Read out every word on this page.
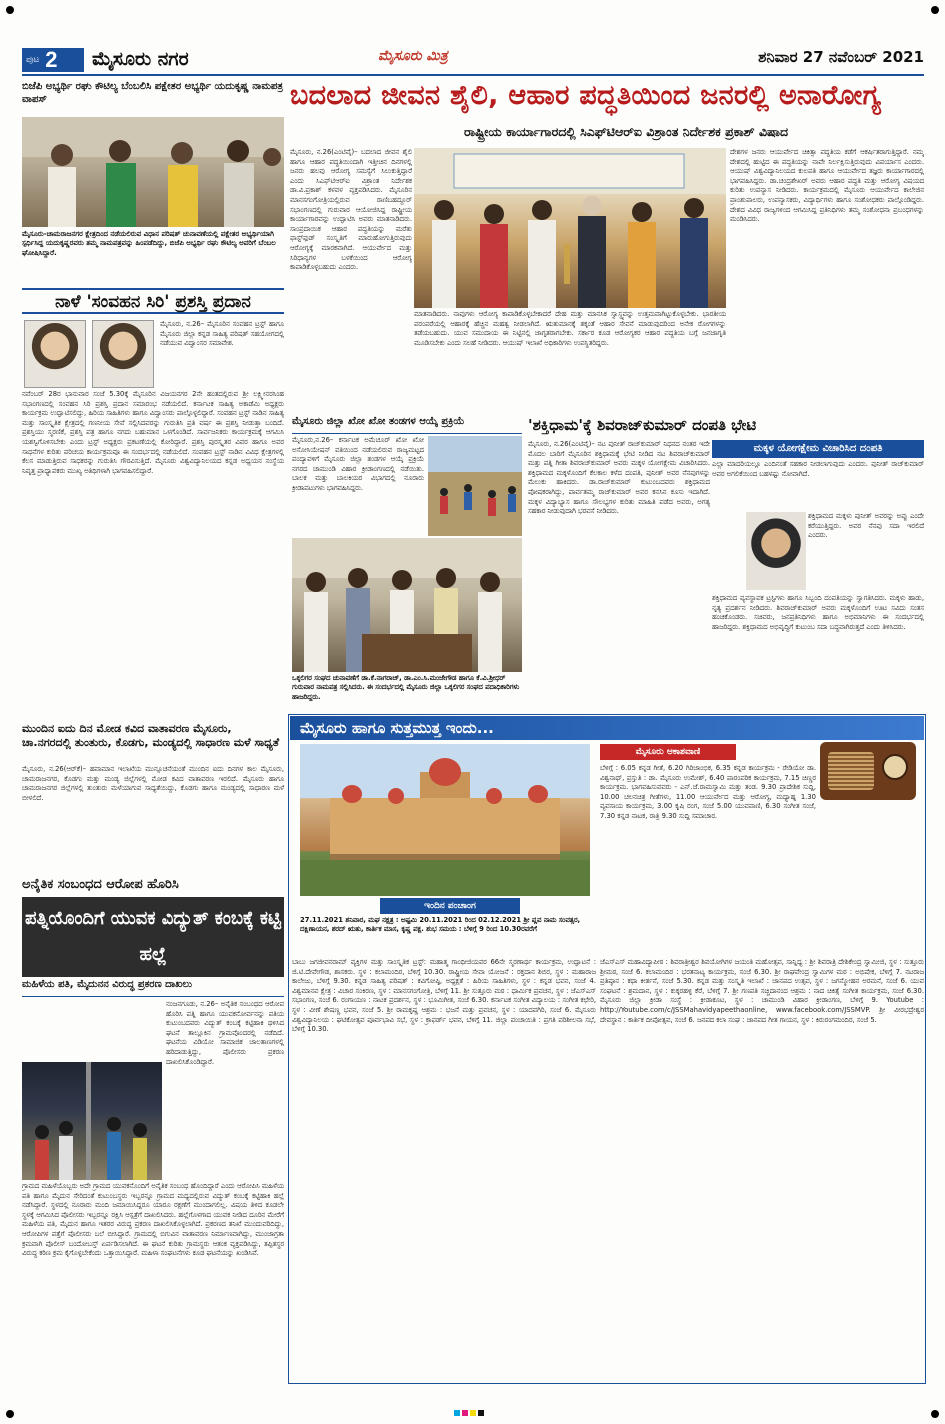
ಪುಟ 2 ಮೈಸೂರು ನಗರ	ಮೈಸೂರು ಮಿತ್ರ	ಶನಿವಾರ 27 ನವೆಂಬರ್ 2021
ಬಿಜೆಪಿ ಅಭ್ಯರ್ಥಿ ರಘು ಕೌಟಿಲ್ಯ ಬೆಂಬಲಿಸಿ ಪಕ್ಷೇತರ ಅಭ್ಯರ್ಥಿ ಯದುಕೃಷ್ಣ ನಾಮಪತ್ರ ವಾಪಸ್
ಮೈಸೂರು-ಚಾಮರಾಜನಗರ ಕ್ಷೇತ್ರದಿಂದ ನಡೆಯಲಿರುವ ವಿಧಾನ ಪರಿಷತ್ ಚುನಾವಣೆಯಲ್ಲಿ ಪಕ್ಷೇತರ ಅಭ್ಯರ್ಥಿಯಾಗಿ ಸ್ಪರ್ಧಿಸಿದ್ದ ಯದುಕೃಷ್ಣರವರು ತಮ್ಮ ನಾಮಪತ್ರವನ್ನು ಹಿಂಪಡೆದಿದ್ದು, ಬಿಜೆಪಿ ಅಭ್ಯರ್ಥಿ ರಘು ಕೌಟಿಲ್ಯ ಅವರಿಗೆ ಬೆಂಬಲ ಘೋಷಿಸಿದ್ದಾರೆ.
ನಾಳೆ 'ಸಂವಹನ ಸಿರಿ' ಪ್ರಶಸ್ತಿ ಪ್ರದಾನ
ಮೈಸೂರು, ನ.26– ಮೈಸೂರಿನ ಸಂವಹನ ಟ್ರಸ್ಟ್ ಹಾಗೂ ಮೈಸೂರು ಜಿಲ್ಲಾ ಕನ್ನಡ ಸಾಹಿತ್ಯ ಪರಿಷತ್ ಸಹಯೋಗದಲ್ಲಿ ನಡೆಯುವ ವಿದ್ವಾಂಸರ ಸಮಾವೇಶ.
ನವೆಂಬರ್ 28ರ ಭಾನುವಾರ ಸಂಜೆ 5.30ಕ್ಕೆ ಮೈಸೂರಿನ ವಿಜಯನಗರ 2ನೇ ಹಂತದಲ್ಲಿರುವ ಶ್ರೀ ಲಕ್ಷ್ಮೀನರಸಿಂಹ ಸಭಾಂಗಣದಲ್ಲಿ ಸಂವಹನ ಸಿರಿ ಪ್ರಶಸ್ತಿ ಪ್ರದಾನ ಸಮಾರಂಭ ನಡೆಯಲಿದೆ. ಕರ್ನಾಟಕ ಸಾಹಿತ್ಯ ಅಕಾಡೆಮಿ ಅಧ್ಯಕ್ಷರು ಕಾರ್ಯಕ್ರಮ ಉದ್ಘಾಟಿಸಲಿದ್ದು, ಹಿರಿಯ ಸಾಹಿತಿಗಳು ಹಾಗೂ ವಿದ್ವಾಂಸರು ಪಾಲ್ಗೊಳ್ಳಲಿದ್ದಾರೆ. ಸಂವಹನ ಟ್ರಸ್ಟ್ ನಾಡಿನ ಸಾಹಿತ್ಯ ಮತ್ತು ಸಾಂಸ್ಕೃತಿಕ ಕ್ಷೇತ್ರದಲ್ಲಿ ಗಣನೀಯ ಸೇವೆ ಸಲ್ಲಿಸಿದವರನ್ನು ಗುರುತಿಸಿ ಪ್ರತಿ ವರ್ಷ ಈ ಪ್ರಶಸ್ತಿ ನೀಡುತ್ತಾ ಬಂದಿದೆ. ಪ್ರಶಸ್ತಿಯು ಸ್ಮರಣಿಕೆ, ಪ್ರಶಸ್ತಿ ಪತ್ರ ಹಾಗೂ ನಗದು ಬಹುಮಾನ ಒಳಗೊಂಡಿದೆ. ಸಾರ್ವಜನಿಕರು ಕಾರ್ಯಕ್ರಮಕ್ಕೆ ಆಗಮಿಸಿ ಯಶಸ್ವಿಗೊಳಿಸಬೇಕು ಎಂದು ಟ್ರಸ್ಟ್ ಅಧ್ಯಕ್ಷರು ಪ್ರಕಟಣೆಯಲ್ಲಿ ಕೋರಿದ್ದಾರೆ. ಪ್ರಶಸ್ತಿ ಪುರಸ್ಕೃತರ ವಿವರ ಹಾಗೂ ಅವರ ಸಾಧನೆಗಳ ಕುರಿತು ಪರಿಚಯ ಕಾರ್ಯಕ್ರಮವೂ ಈ ಸಂದರ್ಭದಲ್ಲಿ ನಡೆಯಲಿದೆ. ಸಂವಹನ ಟ್ರಸ್ಟ್ ನಾಡಿನ ವಿವಿಧ ಕ್ಷೇತ್ರಗಳಲ್ಲಿ ಕೆಲಸ ಮಾಡುತ್ತಿರುವ ಸಾಧಕರನ್ನು ಗುರುತಿಸಿ ಗೌರವಿಸುತ್ತಿದೆ. ಮೈಸೂರು ವಿಶ್ವವಿದ್ಯಾನಿಲಯದ ಕನ್ನಡ ಅಧ್ಯಯನ ಸಂಸ್ಥೆಯ ನಿವೃತ್ತ ಪ್ರಾಧ್ಯಾಪಕರು ಮುಖ್ಯ ಅತಿಥಿಗಳಾಗಿ ಭಾಗವಹಿಸಲಿದ್ದಾರೆ.
ಮುಂದಿನ ಐದು ದಿನ ಮೋಡ ಕವಿದ ವಾತಾವರಣ ಮೈಸೂರು, ಚಾ.ನಗರದಲ್ಲಿ ತುಂತುರು, ಕೊಡಗು, ಮಂಡ್ಯದಲ್ಲಿ ಸಾಧಾರಣ ಮಳೆ ಸಾಧ್ಯತೆ
ಮೈಸೂರು, ನ.26(ಆರ್‌ಕೆ)– ಹವಾಮಾನ ಇಲಾಖೆಯ ಮುನ್ಸೂಚನೆಯಂತೆ ಮುಂದಿನ ಐದು ದಿನಗಳ ಕಾಲ ಮೈಸೂರು, ಚಾಮರಾಜನಗರ, ಕೊಡಗು ಮತ್ತು ಮಂಡ್ಯ ಜಿಲ್ಲೆಗಳಲ್ಲಿ ಮೋಡ ಕವಿದ ವಾತಾವರಣ ಇರಲಿದೆ. ಮೈಸೂರು ಹಾಗೂ ಚಾಮರಾಜನಗರ ಜಿಲ್ಲೆಗಳಲ್ಲಿ ತುಂತುರು ಮಳೆಯಾಗುವ ಸಾಧ್ಯತೆಯಿದ್ದು, ಕೊಡಗು ಹಾಗೂ ಮಂಡ್ಯದಲ್ಲಿ ಸಾಧಾರಣ ಮಳೆ ಬೀಳಲಿದೆ.
ಅನೈತಿಕ ಸಂಬಂಧದ ಆರೋಪ ಹೊರಿಸಿ
ಪತ್ನಿಯೊಂದಿಗೆ ಯುವಕ ವಿದ್ಯುತ್ ಕಂಬಕ್ಕೆ ಕಟ್ಟಿ ಹಲ್ಲೆ
ಮಹಿಳೆಯ ಪತಿ, ಮೈದುನನ ವಿರುದ್ಧ ಪ್ರಕರಣ ದಾಖಲು
ನಂಜನಗೂಡು, ನ.26– ಅನೈತಿಕ ಸಂಬಂಧದ ಆರೋಪ ಹೊರಿಸಿ ಪತ್ನಿ ಹಾಗೂ ಯುವಕನೋರ್ವನನ್ನು ಪತಿಯ ಕುಟುಂಬದವರು ವಿದ್ಯುತ್ ಕಂಬಕ್ಕೆ ಕಟ್ಟಿಹಾಕಿ ಥಳಿಸಿದ ಘಟನೆ ತಾಲ್ಲೂಕಿನ ಗ್ರಾಮವೊಂದರಲ್ಲಿ ನಡೆದಿದೆ. ಘಟನೆಯ ವಿಡಿಯೋ ಸಾಮಾಜಿಕ ಜಾಲತಾಣಗಳಲ್ಲಿ ಹರಿದಾಡುತ್ತಿದ್ದು, ಪೊಲೀಸರು ಪ್ರಕರಣ ದಾಖಲಿಸಿಕೊಂಡಿದ್ದಾರೆ.
ಗ್ರಾಮದ ಮಹಿಳೆಯೊಬ್ಬರು ಅದೇ ಗ್ರಾಮದ ಯುವಕನೊಂದಿಗೆ ಅನೈತಿಕ ಸಂಬಂಧ ಹೊಂದಿದ್ದಾರೆ ಎಂದು ಆರೋಪಿಸಿ ಮಹಿಳೆಯ ಪತಿ ಹಾಗೂ ಮೈದುನ ಸೇರಿದಂತೆ ಕುಟುಂಬಸ್ಥರು ಇಬ್ಬರನ್ನೂ ಗ್ರಾಮದ ಮಧ್ಯದಲ್ಲಿರುವ ವಿದ್ಯುತ್ ಕಂಬಕ್ಕೆ ಕಟ್ಟಿಹಾಕಿ ಹಲ್ಲೆ ನಡೆಸಿದ್ದಾರೆ. ಸ್ಥಳದಲ್ಲಿ ನೂರಾರು ಮಂದಿ ಜಮಾಯಿಸಿದ್ದರೂ ಯಾರೂ ರಕ್ಷಣೆಗೆ ಮುಂದಾಗಲಿಲ್ಲ. ವಿಷಯ ತಿಳಿದ ಕೂಡಲೇ ಸ್ಥಳಕ್ಕೆ ಆಗಮಿಸಿದ ಪೊಲೀಸರು ಇಬ್ಬರನ್ನೂ ರಕ್ಷಿಸಿ ಆಸ್ಪತ್ರೆಗೆ ದಾಖಲಿಸಿದರು. ಹಲ್ಲೆಗೊಳಗಾದ ಯುವಕ ನೀಡಿದ ದೂರಿನ ಮೇರೆಗೆ ಮಹಿಳೆಯ ಪತಿ, ಮೈದುನ ಹಾಗೂ ಇತರರ ವಿರುದ್ಧ ಪ್ರಕರಣ ದಾಖಲಿಸಿಕೊಳ್ಳಲಾಗಿದೆ. ಪ್ರಕರಣದ ತನಿಖೆ ಮುಂದುವರಿದಿದ್ದು, ಆರೋಪಿಗಳ ಪತ್ತೆಗೆ ಪೊಲೀಸರು ಬಲೆ ಬೀಸಿದ್ದಾರೆ. ಗ್ರಾಮದಲ್ಲಿ ಬಿಗುವಿನ ವಾತಾವರಣ ನಿರ್ಮಾಣವಾಗಿದ್ದು, ಮುಂಜಾಗ್ರತಾ ಕ್ರಮವಾಗಿ ಪೊಲೀಸ್ ಬಂದೋಬಸ್ತ್ ಏರ್ಪಡಿಸಲಾಗಿದೆ. ಈ ಘಟನೆ ಕುರಿತು ಗ್ರಾಮಸ್ಥರು ಆತಂಕ ವ್ಯಕ್ತಪಡಿಸಿದ್ದು, ತಪ್ಪಿತಸ್ಥರ ವಿರುದ್ಧ ಕಠಿಣ ಕ್ರಮ ಕೈಗೊಳ್ಳಬೇಕೆಂದು ಒತ್ತಾಯಿಸಿದ್ದಾರೆ. ಮಹಿಳಾ ಸಂಘಟನೆಗಳು ಕೂಡ ಘಟನೆಯನ್ನು ಖಂಡಿಸಿವೆ.
ಬದಲಾದ ಜೀವನ ಶೈಲಿ, ಆಹಾರ ಪದ್ಧತಿಯಿಂದ ಜನರಲ್ಲಿ ಅನಾರೋಗ್ಯ
ರಾಷ್ಟ್ರೀಯ ಕಾರ್ಯಾಗಾರದಲ್ಲಿ ಸಿಎಫ್‌ಟಿಆರ್‌ಐ ವಿಶ್ರಾಂತ ನಿರ್ದೇಶಕ ಪ್ರಕಾಶ್ ವಿಷಾದ
ಮೈಸೂರು, ನ.26(ಎಂಟಿವೈ)– ಬದಲಾದ ಜೀವನ ಶೈಲಿ ಹಾಗೂ ಆಹಾರ ಪದ್ಧತಿಯಿಂದಾಗಿ ಇತ್ತೀಚಿನ ದಿನಗಳಲ್ಲಿ ಜನರು ಹಲವು ಆರೋಗ್ಯ ಸಮಸ್ಯೆಗೆ ಸಿಲುಕುತ್ತಿದ್ದಾರೆ ಎಂದು ಸಿಎಫ್‌ಟಿಆರ್‌ಐ ವಿಶ್ರಾಂತ ನಿರ್ದೇಶಕ ಡಾ.ವಿ.ಪ್ರಕಾಶ್ ಕಳವಳ ವ್ಯಕ್ತಪಡಿಸಿದರು. ಮೈಸೂರಿನ ಮಾನಸಗಂಗೋತ್ರಿಯಲ್ಲಿರುವ ರಾಣಿಬಹದ್ದೂರ್ ಸಭಾಂಗಣದಲ್ಲಿ ಗುರುವಾರ ಆಯೋಜಿಸಿದ್ದ ರಾಷ್ಟ್ರೀಯ ಕಾರ್ಯಾಗಾರವನ್ನು ಉದ್ಘಾಟಿಸಿ ಅವರು ಮಾತನಾಡಿದರು. ಸಾಂಪ್ರದಾಯಿಕ ಆಹಾರ ಪದ್ಧತಿಯನ್ನು ಮರೆತು ಫಾಸ್ಟ್‌ಫುಡ್ ಸಂಸ್ಕೃತಿಗೆ ಮಾರುಹೋಗುತ್ತಿರುವುದು ಆರೋಗ್ಯಕ್ಕೆ ಮಾರಕವಾಗಿದೆ. ಆಯುರ್ವೇದ ಮತ್ತು ಸಿರಿಧಾನ್ಯಗಳ ಬಳಕೆಯಿಂದ ಆರೋಗ್ಯ ಕಾಪಾಡಿಕೊಳ್ಳಬಹುದು ಎಂದರು.
ಮಾತನಾಡಿದರು. ನಾವುಗಳು ಆರೋಗ್ಯ ಕಾಪಾಡಿಕೊಳ್ಳಬೇಕಾದರೆ ದೇಹ ಮತ್ತು ಮಾನಸಿಕ ಸ್ವಾಸ್ಥ್ಯವನ್ನು ಉತ್ತಮವಾಗಿಟ್ಟುಕೊಳ್ಳಬೇಕು. ಭಾರತೀಯ ಪರಂಪರೆಯಲ್ಲಿ ಆಹಾರಕ್ಕೆ ಹೆಚ್ಚಿನ ಮಹತ್ವ ನೀಡಲಾಗಿದೆ. ಋತುಮಾನಕ್ಕೆ ತಕ್ಕಂತೆ ಆಹಾರ ಸೇವನೆ ಮಾಡುವುದರಿಂದ ಅನೇಕ ರೋಗಗಳನ್ನು ತಡೆಯಬಹುದು. ಯುವ ಸಮುದಾಯ ಈ ನಿಟ್ಟಿನಲ್ಲಿ ಜಾಗೃತರಾಗಬೇಕು. ಸರ್ಕಾರ ಕೂಡ ಆರೋಗ್ಯಕರ ಆಹಾರ ಪದ್ಧತಿಯ ಬಗ್ಗೆ ಜನಜಾಗೃತಿ ಮೂಡಿಸಬೇಕು ಎಂದು ಸಲಹೆ ನೀಡಿದರು. ಆಯುಷ್ ಇಲಾಖೆ ಅಧಿಕಾರಿಗಳು ಉಪಸ್ಥಿತರಿದ್ದರು.
ದೇಶಗಳ ಜನರು ಆಯುರ್ವೇದ ಚಿಕಿತ್ಸಾ ಪದ್ಧತಿಯ ಕಡೆಗೆ ಆಕರ್ಷಿತರಾಗುತ್ತಿದ್ದಾರೆ. ನಮ್ಮ ದೇಶದಲ್ಲಿ ಹುಟ್ಟಿದ ಈ ಪದ್ಧತಿಯನ್ನು ನಾವೇ ನಿರ್ಲಕ್ಷಿಸುತ್ತಿರುವುದು ವಿಪರ್ಯಾಸ ಎಂದರು. ಆಯುಷ್ ವಿಶ್ವವಿದ್ಯಾನಿಲಯದ ಕುಲಪತಿ ಹಾಗೂ ಆಯುರ್ವೇದ ತಜ್ಞರು ಕಾರ್ಯಾಗಾರದಲ್ಲಿ ಭಾಗವಹಿಸಿದ್ದರು. ಡಾ.ಚಂದ್ರಶೇಖರ್ ಅವರು ಆಹಾರ ಪದ್ಧತಿ ಮತ್ತು ಆರೋಗ್ಯ ವಿಷಯದ ಕುರಿತು ಉಪನ್ಯಾಸ ನೀಡಿದರು. ಕಾರ್ಯಕ್ರಮದಲ್ಲಿ ಮೈಸೂರು ಆಯುರ್ವೇದ ಕಾಲೇಜಿನ ಪ್ರಾಂಶುಪಾಲರು, ಉಪನ್ಯಾಸಕರು, ವಿದ್ಯಾರ್ಥಿಗಳು ಹಾಗೂ ಸಂಶೋಧಕರು ಪಾಲ್ಗೊಂಡಿದ್ದರು. ದೇಶದ ವಿವಿಧ ರಾಜ್ಯಗಳಿಂದ ಆಗಮಿಸಿದ್ದ ಪ್ರತಿನಿಧಿಗಳು ತಮ್ಮ ಸಂಶೋಧನಾ ಪ್ರಬಂಧಗಳನ್ನು ಮಂಡಿಸಿದರು.
ಮೈಸೂರು ಜಿಲ್ಲಾ ಖೋ ಖೋ ತಂಡಗಳ ಆಯ್ಕೆ ಪ್ರಕ್ರಿಯೆ
ಮೈಸೂರು,ನ.26– ಕರ್ನಾಟಕ ಅಮೆಚೂರ್ ಖೋ ಖೋ ಅಸೋಸಿಯೇಷನ್ ವತಿಯಿಂದ ನಡೆಯಲಿರುವ ರಾಜ್ಯಮಟ್ಟದ ಪಂದ್ಯಾವಳಿಗೆ ಮೈಸೂರು ಜಿಲ್ಲಾ ತಂಡಗಳ ಆಯ್ಕೆ ಪ್ರಕ್ರಿಯೆ ನಗರದ ಚಾಮುಂಡಿ ವಿಹಾರ ಕ್ರೀಡಾಂಗಣದಲ್ಲಿ ನಡೆಯಿತು. ಬಾಲಕ ಮತ್ತು ಬಾಲಕಿಯರ ವಿಭಾಗದಲ್ಲಿ ನೂರಾರು ಕ್ರೀಡಾಪಟುಗಳು ಭಾಗವಹಿಸಿದ್ದರು.
ಒಕ್ಕಲಿಗರ ಸಂಘದ ಚುನಾವಣೆಗೆ ಡಾ.ಕೆ.ನಾಗರಾಜ್, ಡಾ.ಎಂ.ಸಿ.ಮಂಜೇಗೌಡ ಹಾಗೂ ಕೆ.ವಿ.ಶ್ರೀಧರ್ ಗುರುವಾರ ನಾಮಪತ್ರ ಸಲ್ಲಿಸಿದರು. ಈ ಸಂದರ್ಭದಲ್ಲಿ ಮೈಸೂರು ಜಿಲ್ಲಾ ಒಕ್ಕಲಿಗರ ಸಂಘದ ಪದಾಧಿಕಾರಿಗಳು ಹಾಜರಿದ್ದರು.
'ಶಕ್ತಿಧಾಮ'ಕ್ಕೆ ಶಿವರಾಜ್‌ಕುಮಾರ್ ದಂಪತಿ ಭೇಟಿ
ಮಕ್ಕಳ ಯೋಗಕ್ಷೇಮ ವಿಚಾರಿಸಿದ ದಂಪತಿ
ಮೈಸೂರು, ನ.26(ಎಂಟಿವೈ)– ನಟ ಪುನೀತ್ ರಾಜ್‌ಕುಮಾರ್ ನಿಧನದ ನಂತರ ಇದೇ ಮೊದಲ ಬಾರಿಗೆ ಮೈಸೂರಿನ ಶಕ್ತಿಧಾಮಕ್ಕೆ ಭೇಟಿ ನೀಡಿದ ನಟ ಶಿವರಾಜ್‌ಕುಮಾರ್ ಮತ್ತು ಪತ್ನಿ ಗೀತಾ ಶಿವರಾಜ್‌ಕುಮಾರ್ ಅವರು ಮಕ್ಕಳ ಯೋಗಕ್ಷೇಮ ವಿಚಾರಿಸಿದರು. ಶಕ್ತಿಧಾಮದ ಮಕ್ಕಳೊಂದಿಗೆ ಕೆಲಕಾಲ ಕಳೆದ ದಂಪತಿ, ಪುನೀತ್ ಅವರ ನೆನಪುಗಳನ್ನು ಮೆಲುಕು ಹಾಕಿದರು. ಡಾ.ರಾಜ್‌ಕುಮಾರ್ ಕುಟುಂಬದವರು ಶಕ್ತಿಧಾಮದ ಪೋಷಕರಾಗಿದ್ದು, ಪಾರ್ವತಮ್ಮ ರಾಜ್‌ಕುಮಾರ್ ಅವರ ಕನಸಿನ ಕೂಸು ಇದಾಗಿದೆ. ಮಕ್ಕಳ ವಿದ್ಯಾಭ್ಯಾಸ ಹಾಗೂ ಸೌಲಭ್ಯಗಳ ಕುರಿತು ಮಾಹಿತಿ ಪಡೆದ ಅವರು, ಅಗತ್ಯ ಸಹಕಾರ ನೀಡುವುದಾಗಿ ಭರವಸೆ ನೀಡಿದರು.
ಎಲ್ಲಾ ಮಾದರಿಯಲ್ಲೂ ಎಂದಿನಂತೆ ಸಹಕಾರ ನೀಡಲಾಗುವುದು ಎಂದರು. ಪುನೀತ್ ರಾಜ್‌ಕುಮಾರ್ ಅವರ ಅಗಲಿಕೆಯಿಂದ ಬಹಳಷ್ಟು ನೋವಾಗಿದೆ.
ಶಕ್ತಿಧಾಮದ ಮಕ್ಕಳು ಪುನೀತ್ ಅವರನ್ನು ಅಪ್ಪು ಎಂದೇ ಕರೆಯುತ್ತಿದ್ದರು. ಅವರ ನೆನಪು ಸದಾ ಇರಲಿದೆ ಎಂದರು.
ಶಕ್ತಿಧಾಮದ ವ್ಯವಸ್ಥಾಪಕ ಟ್ರಸ್ಟಿಗಳು ಹಾಗೂ ಸಿಬ್ಬಂದಿ ದಂಪತಿಯನ್ನು ಸ್ವಾಗತಿಸಿದರು. ಮಕ್ಕಳು ಹಾಡು, ನೃತ್ಯ ಪ್ರದರ್ಶನ ನೀಡಿದರು. ಶಿವರಾಜ್‌ಕುಮಾರ್ ಅವರು ಮಕ್ಕಳೊಂದಿಗೆ ಊಟ ಸವಿದು ಸಂತಸ ಹಂಚಿಕೊಂಡರು. ಸಚಿವರು, ಜನಪ್ರತಿನಿಧಿಗಳು ಹಾಗೂ ಅಭಿಮಾನಿಗಳು ಈ ಸಂದರ್ಭದಲ್ಲಿ ಹಾಜರಿದ್ದರು. ಶಕ್ತಿಧಾಮದ ಅಭಿವೃದ್ಧಿಗೆ ಕುಟುಂಬ ಸದಾ ಬದ್ಧವಾಗಿರುತ್ತದೆ ಎಂದು ತಿಳಿಸಿದರು.
ಮೈಸೂರು ಹಾಗೂ ಸುತ್ತಮುತ್ತ ಇಂದು...
ಇಂದಿನ ಪಂಚಾಂಗ
27.11.2021 ಶನಿವಾರ, ಮಘ ನಕ್ಷತ್ರ : ಅಷ್ಟಮಿ 20.11.2021 ರಿಂದ 02.12.2021 ಶ್ರೀ ಪ್ಲವ ನಾಮ ಸಂವತ್ಸರ, ದಕ್ಷಿಣಾಯನ, ಶರದ್ ಋತು, ಕಾರ್ತಿಕ ಮಾಸ, ಕೃಷ್ಣ ಪಕ್ಷ. ಶುಭ ಸಮಯ : ಬೆಳಿಗ್ಗೆ 9 ರಿಂದ 10.30ರವರೆಗೆ
ಮೈಸೂರು ಆಕಾಶವಾಣಿ
ಬೆಳಿಗ್ಗೆ : 6.05 ಕನ್ನಡ ಗೀತೆ, 6.20 ಗಿರಿಜಾಂಭಿಕ, 6.35 ಕನ್ನಡ ಕಾರ್ಯಕ್ರಮ - ರೇಡಿಯೋ ಡಾ. ವಿಶ್ವನಾಥ್, ಪ್ರಸ್ತುತಿ : ಡಾ. ಮೈಸೂರು ಉಮೇಶ್, 6.40 ಪಾರಂಪರಿಕ ಕಾರ್ಯಕ್ರಮ, 7.15 ಚಿಣ್ಣರ ಕಾರ್ಯಕ್ರಮ. ಭಾಗವಹಿಸುವವರು - ಎನ್.ಜೆ.ರಾಮಸ್ವಾಮಿ ಮತ್ತು ತಂಡ. 9.30 ಪ್ರಾದೇಶಿಕ ಸುದ್ದಿ, 10.00 ಚಲನಚಿತ್ರ ಗೀತೆಗಳು, 11.00 ಆಯುರ್ವೇದ ಮತ್ತು ಆರೋಗ್ಯ, ಮಧ್ಯಾಹ್ನ 1.30 ವ್ಯವಸಾಯ ಕಾರ್ಯಕ್ರಮ, 3.00 ಕೃಷಿ ರಂಗ, ಸಂಜೆ 5.00 ಯುವವಾಣಿ, 6.30 ಸಂಗೀತ ಸಂಜೆ, 7.30 ಕನ್ನಡ ನಾಟಕ, ರಾತ್ರಿ 9.30 ಸುದ್ದಿ ಸಮಾಚಾರ.
ಬಾಬು ಜಗಜೀವನರಾಮ್ ವ್ಯಕ್ತಿಗಳ ಮತ್ತು ಸಾಂಸ್ಕೃತಿಕ ಟ್ರಸ್ಟ್: ಮಹಾತ್ಮ ಗಾಂಧೀಜಿಯವರ 66ನೇ ಸ್ಮರಣಾರ್ಥ ಕಾರ್ಯಕ್ರಮ, ಉದ್ಘಾಟನೆ : ಜಿ.ಟಿ.ದೇವೇಗೌಡ, ಶಾಸಕರು. ಸ್ಥಳ : ಕಲಾಮಂದಿರ, ಬೆಳಿಗ್ಗೆ 10.30. ರಾಷ್ಟ್ರೀಯ ಸೇವಾ ಯೋಜನೆ : ರಕ್ತದಾನ ಶಿಬಿರ, ಸ್ಥಳ : ಮಹಾರಾಜ ಕಾಲೇಜು, ಬೆಳಿಗ್ಗೆ 9.30. ಕನ್ನಡ ಸಾಹಿತ್ಯ ಪರಿಷತ್ : ಕವಿಗೋಷ್ಠಿ, ಅಧ್ಯಕ್ಷತೆ : ಹಿರಿಯ ಸಾಹಿತಿಗಳು, ಸ್ಥಳ : ಕನ್ನಡ ಭವನ, ಸಂಜೆ 4. ವಿಶ್ವಮಾನವ ಕ್ಷೇತ್ರ : ವಿಚಾರ ಸಂಕಿರಣ, ಸ್ಥಳ : ಮಾನಸಗಂಗೋತ್ರಿ, ಬೆಳಿಗ್ಗೆ 11. ಶ್ರೀ ಸುತ್ತೂರು ಮಠ : ಧಾರ್ಮಿಕ ಪ್ರವಚನ, ಸ್ಥಳ : ಜೆಎಸ್‌ಎಸ್ ಸಭಾಂಗಣ, ಸಂಜೆ 6. ರಂಗಾಯಣ : ನಾಟಕ ಪ್ರದರ್ಶನ, ಸ್ಥಳ : ಭೂಮಿಗೀತ, ಸಂಜೆ 6.30. ಕರ್ನಾಟಕ ಸಂಗೀತ ವಿದ್ಯಾಲಯ : ಸಂಗೀತ ಕಛೇರಿ, ಸ್ಥಳ : ವೀಣೆ ಶೇಷಣ್ಣ ಭವನ, ಸಂಜೆ 5. ಶ್ರೀ ರಾಮಕೃಷ್ಣ ಆಶ್ರಮ : ಭಜನೆ ಮತ್ತು ಪ್ರವಚನ, ಸ್ಥಳ : ಯಾದವಗಿರಿ, ಸಂಜೆ 6. ಮೈಸೂರು ವಿಶ್ವವಿದ್ಯಾನಿಲಯ : ಘಟಿಕೋತ್ಸವ ಪೂರ್ವಭಾವಿ ಸಭೆ, ಸ್ಥಳ : ಕ್ರಾಫರ್ಡ್ ಭವನ, ಬೆಳಿಗ್ಗೆ 11. ಜಿಲ್ಲಾ ಪಂಚಾಯಿತಿ : ಪ್ರಗತಿ ಪರಿಶೀಲನಾ ಸಭೆ, ಬೆಳಿಗ್ಗೆ 10.30.
ಜೆಎಸ್‌ಎಸ್ ಮಹಾವಿದ್ಯಾಪೀಠ : ಶಿವರಾತ್ರೀಶ್ವರ ಶಿವಯೋಗಿಗಳ ಜಯಂತಿ ಮಹೋತ್ಸವ, ಸಾನ್ನಿಧ್ಯ : ಶ್ರೀ ಶಿವರಾತ್ರಿ ದೇಶಿಕೇಂದ್ರ ಸ್ವಾಮೀಜಿ, ಸ್ಥಳ : ಸುತ್ತೂರು ಶ್ರೀಮಠ, ಸಂಜೆ 6. ಕಲಾಮಂದಿರ : ಭರತನಾಟ್ಯ ಕಾರ್ಯಕ್ರಮ, ಸಂಜೆ 6.30. ಶ್ರೀ ರಾಘವೇಂದ್ರ ಸ್ವಾಮಿಗಳ ಮಠ : ಅಭಿಷೇಕ, ಬೆಳಿಗ್ಗೆ 7. ನಟರಾಜ ಪ್ರತಿಷ್ಠಾನ : ಕಥಾ ಕೀರ್ತನೆ, ಸಂಜೆ 5.30. ಕನ್ನಡ ಮತ್ತು ಸಂಸ್ಕೃತಿ ಇಲಾಖೆ : ಜಾನಪದ ಉತ್ಸವ, ಸ್ಥಳ : ಜಗನ್ಮೋಹನ ಅರಮನೆ, ಸಂಜೆ 6. ಯುವ ಸಂಘಟನೆ : ಶ್ರಮದಾನ, ಸ್ಥಳ : ಕುಕ್ಕರಹಳ್ಳಿ ಕೆರೆ, ಬೆಳಿಗ್ಗೆ 7. ಶ್ರೀ ಗಣಪತಿ ಸಚ್ಚಿದಾನಂದ ಆಶ್ರಮ : ನಾದ ಚಿಕಿತ್ಸೆ ಸಂಗೀತ ಕಾರ್ಯಕ್ರಮ, ಸಂಜೆ 6.30. ಮೈಸೂರು ಜಿಲ್ಲಾ ಕ್ರೀಡಾ ಸಂಸ್ಥೆ : ಕ್ರೀಡಾಕೂಟ, ಸ್ಥಳ : ಚಾಮುಂಡಿ ವಿಹಾರ ಕ್ರೀಡಾಂಗಣ, ಬೆಳಿಗ್ಗೆ 9. Youtube : http://Youtube.com/c/JSSMahavidyapeethaonline, www.facebook.com/JSSMVP. ಶ್ರೀ ವೀರಭದ್ರೇಶ್ವರ ದೇವಸ್ಥಾನ : ಕಾರ್ತಿಕ ದೀಪೋತ್ಸವ, ಸಂಜೆ 6. ಜನಪದ ಕಲಾ ಸಂಘ : ಜಾನಪದ ಗೀತ ಗಾಯನ, ಸ್ಥಳ : ಕಿರುರಂಗಮಂದಿರ, ಸಂಜೆ 5.
